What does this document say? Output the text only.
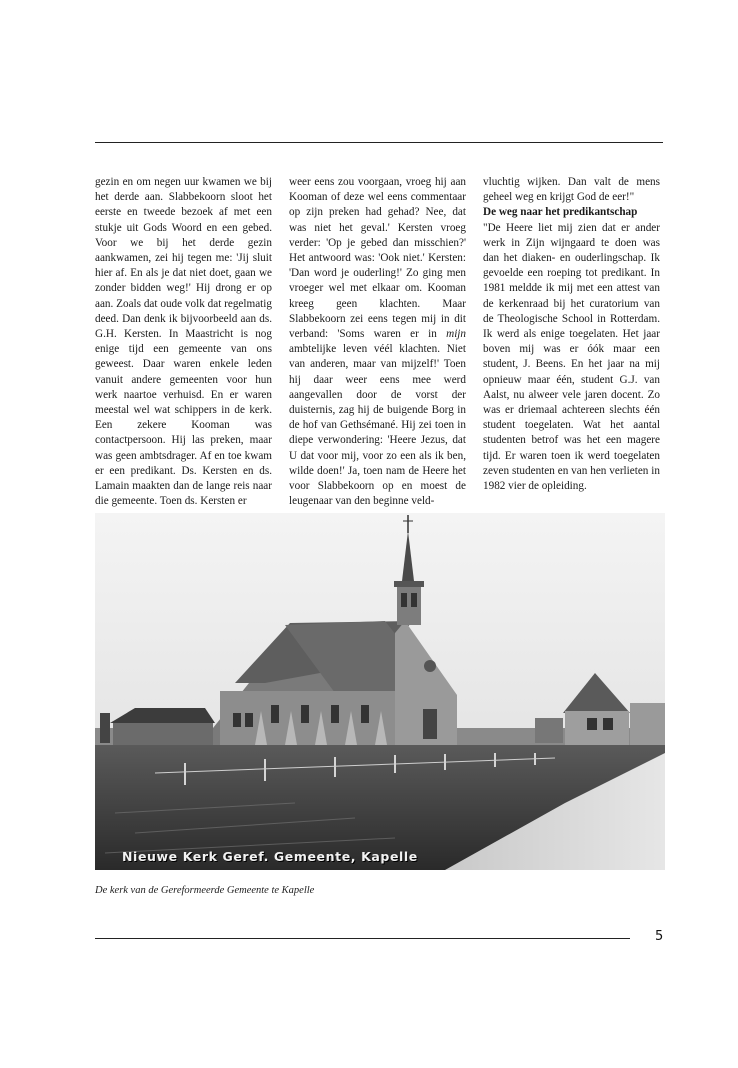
gezin en om negen uur kwamen we bij het derde aan. Slabbekoorn sloot het eerste en tweede bezoek af met een stukje uit Gods Woord en een gebed. Voor we bij het derde gezin aankwamen, zei hij tegen me: 'Jij sluit hier af. En als je dat niet doet, gaan we zonder bidden weg!' Hij drong er op aan. Zoals dat oude volk dat regelmatig deed. Dan denk ik bijvoorbeeld aan ds. G.H. Kersten. In Maastricht is nog enige tijd een gemeente van ons geweest. Daar waren enkele leden vanuit andere gemeenten voor hun werk naartoe verhuisd. En er waren meestal wel wat schippers in de kerk. Een zekere Kooman was contactpersoon. Hij las preken, maar was geen ambtsdrager. Af en toe kwam er een predikant. Ds. Kersten en ds. Lamain maakten dan de lange reis naar die gemeente. Toen ds. Kersten er

weer eens zou voorgaan, vroeg hij aan Kooman of deze wel eens commentaar op zijn preken had gehad? Nee, dat was niet het geval.' Kersten vroeg verder: 'Op je gebed dan misschien?' Het antwoord was: 'Ook niet.' Kersten: 'Dan word je ouderling!' Zo ging men vroeger wel met elkaar om. Kooman kreeg geen klachten. Maar Slabbekoorn zei eens tegen mij in dit verband: 'Soms waren er in mijn ambtelijke leven véél klachten. Niet van anderen, maar van mijzelf!' Toen hij daar weer eens mee werd aangevallen door de vorst der duisternis, zag hij de buigende Borg in de hof van Gethsémané. Hij zei toen in diepe verwondering: 'Heere Jezus, dat U dat voor mij, voor zo een als ik ben, wilde doen!' Ja, toen nam de Heere het voor Slabbekoorn op en moest de leugenaar van den beginne veld-

vluchtig wijken. Dan valt de mens geheel weg en krijgt God de eer!"

De weg naar het predikantschap

"De Heere liet mij zien dat er ander werk in Zijn wijngaard te doen was dan het diaken- en ouderlingschap. Ik gevoelde een roeping tot predikant. In 1981 meldde ik mij met een attest van de kerkenraad bij het curatorium van de Theologische School in Rotterdam. Ik werd als enige toegelaten. Het jaar boven mij was er óók maar een student, J. Beens. En het jaar na mij opnieuw maar één, student G.J. van Aalst, nu alweer vele jaren docent. Zo was er driemaal achtereen slechts één student toegelaten. Wat het aantal studenten betrof was het een magere tijd. Er waren toen ik werd toegelaten zeven studenten en van hen verlieten in 1982 vier de opleiding.

Nieuwe Kerk Geref. Gemeente, Kapelle
De kerk van de Gereformeerde Gemeente te Kapelle
5
